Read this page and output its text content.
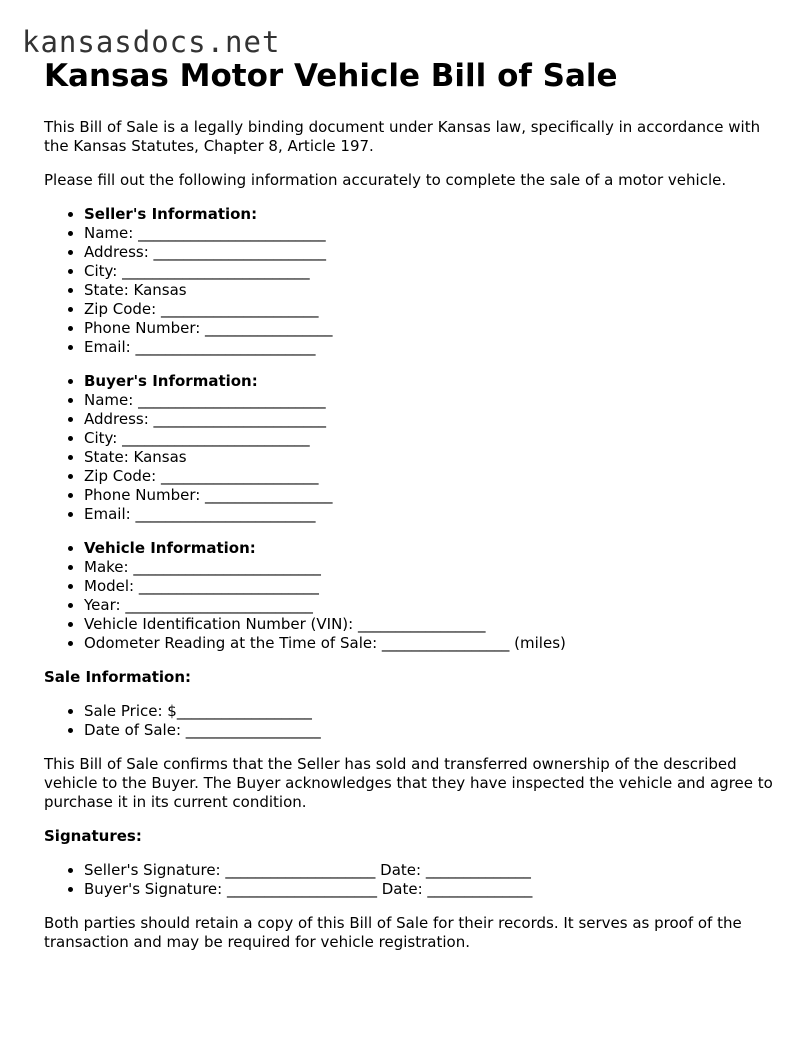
kansasdocs.net
Kansas Motor Vehicle Bill of Sale

This Bill of Sale is a legally binding document under Kansas law, specifically in accordance with the Kansas Statutes, Chapter 8, Article 197.

Please fill out the following information accurately to complete the sale of a motor vehicle.

• Seller's Information:
• Name: _________________________
• Address: _______________________
• City: _________________________
• State: Kansas
• Zip Code: _____________________
• Phone Number: _________________
• Email: ________________________
• Buyer's Information:
• Name: _________________________
• Address: _______________________
• City: _________________________
• State: Kansas
• Zip Code: _____________________
• Phone Number: _________________
• Email: ________________________
• Vehicle Information:
• Make: _________________________
• Model: ________________________
• Year: _________________________
• Vehicle Identification Number (VIN): _________________
• Odometer Reading at the Time of Sale: _________________ (miles)

Sale Information:

• Sale Price: $__________________
• Date of Sale: __________________

This Bill of Sale confirms that the Seller has sold and transferred ownership of the described vehicle to the Buyer. The Buyer acknowledges that they have inspected the vehicle and agree to purchase it in its current condition.

Signatures:

• Seller's Signature: ____________________ Date: ______________
• Buyer's Signature: ____________________ Date: ______________

Both parties should retain a copy of this Bill of Sale for their records. It serves as proof of the transaction and may be required for vehicle registration.
